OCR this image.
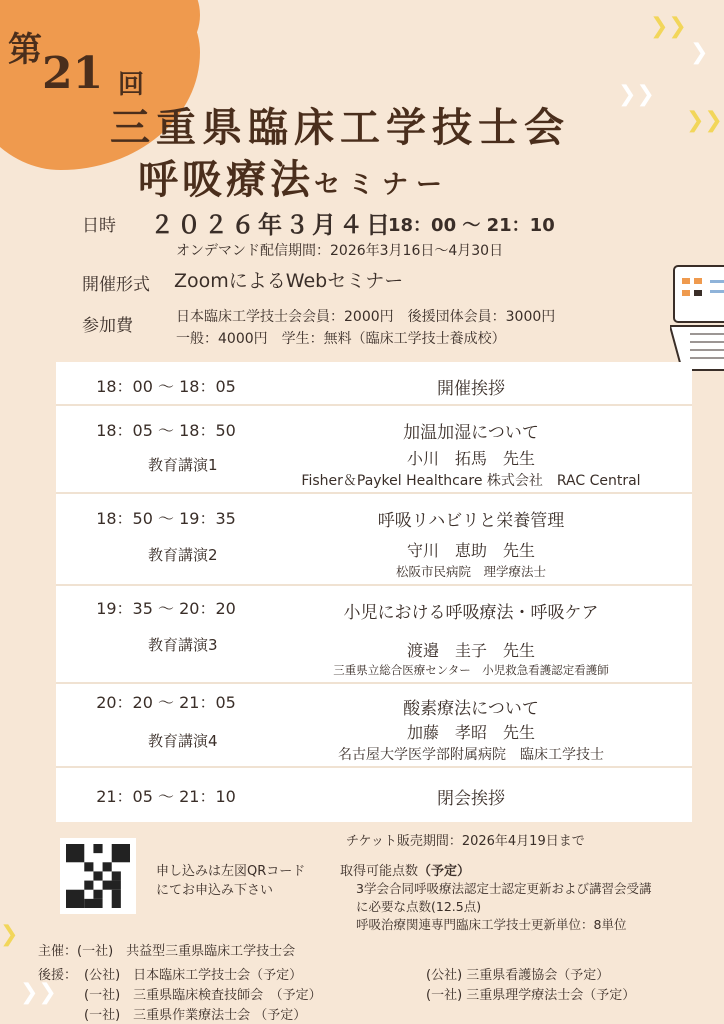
❯❯
❯
❯❯
❯❯
❯
❯❯
第 21 回
三重県臨床工学技士会
呼吸療法セミナー
日時 ２０２６年３月４日
18：00 ～ 21：10
オンデマンド配信期間：2026年3月16日～4月30日
開催形式 ZoomによるWebセミナー
参加費	日本臨床工学技士会会員：2000円　後援団体会員：3000円
一般：4000円　学生：無料（臨床工学技士養成校）
18：00 ～ 18：05	開催挨拶
18：05 ～ 18：50
教育講演1
加温加湿について
小川　拓馬　先生
Fisher＆Paykel Healthcare 株式会社　RAC Central
18：50 ～ 19：35
教育講演2
呼吸リハビリと栄養管理
守川　恵助　先生
松阪市民病院　理学療法士
19：35 ～ 20：20
教育講演3
小児における呼吸療法・呼吸ケア
渡邉　圭子　先生
三重県立総合医療センター　小児救急看護認定看護師
20：20 ～ 21：05
教育講演4
酸素療法について
加藤　孝昭　先生
名古屋大学医学部附属病院　臨床工学技士
21：05 ～ 21：10	閉会挨拶
チケット販売期間：2026年4月19日まで
申し込みは左図QRコード
にてお申込み下さい
取得可能点数（予定）
3学会合同呼吸療法認定士認定更新および講習会受講
に必要な点数(12.5点)
呼吸治療関連専門臨床工学技士更新単位：8単位
主催：(一社)　共益型三重県臨床工学技士会
後援： (公社)　日本臨床工学技士会（予定）	(公社) 三重県看護協会（予定）
(一社)　三重県臨床検査技師会　（予定）	(一社) 三重県理学療法士会（予定）
(一社)　三重県作業療法士会 （予定）
